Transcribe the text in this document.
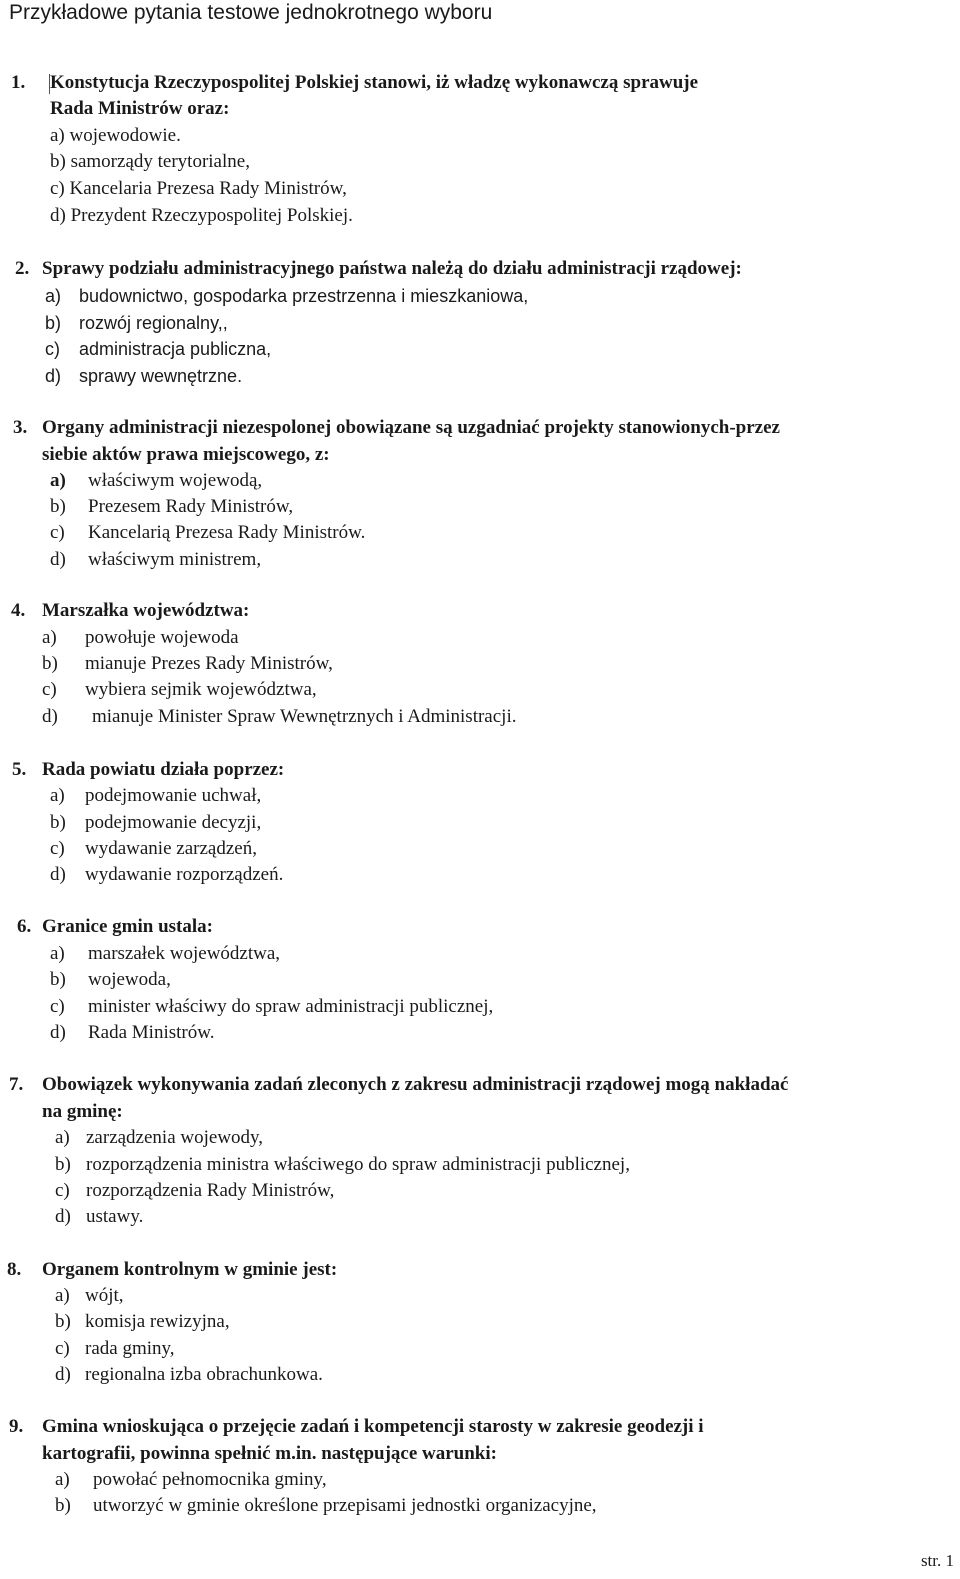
Przykładowe pytania testowe jednokrotnego wyboru
1. Konstytucja Rzeczypospolitej Polskiej stanowi, iż władzę wykonawczą sprawuje
Rada Ministrów oraz:
a) wojewodowie.
b) samorządy terytorialne,
c) Kancelaria Prezesa Rady Ministrów,
d) Prezydent Rzeczypospolitej Polskiej.
2. Sprawy podziału administracyjnego państwa należą do działu administracji rządowej:
a) budownictwo, gospodarka przestrzenna i mieszkaniowa,
b) rozwój regionalny,,
c) administracja publiczna,
d) sprawy wewnętrzne.
3. Organy administracji niezespolonej obowiązane są uzgadniać projekty stanowionych-przez
siebie aktów prawa miejscowego, z:
a) właściwym wojewodą,
b) Prezesem Rady Ministrów,
c) Kancelarią Prezesa Rady Ministrów.
d) właściwym ministrem,
4. Marszałka województwa:
a) powołuje wojewoda
b) mianuje Prezes Rady Ministrów,
c) wybiera sejmik województwa,
d) mianuje Minister Spraw Wewnętrznych i Administracji.
5. Rada powiatu działa poprzez:
a) podejmowanie uchwał,
b) podejmowanie decyzji,
c) wydawanie zarządzeń,
d) wydawanie rozporządzeń.
6. Granice gmin ustala:
a) marszałek województwa,
b) wojewoda,
c) minister właściwy do spraw administracji publicznej,
d) Rada Ministrów.
7. Obowiązek wykonywania zadań zleconych z zakresu administracji rządowej mogą nakładać
na gminę:
a) zarządzenia wojewody,
b) rozporządzenia ministra właściwego do spraw administracji publicznej,
c) rozporządzenia Rady Ministrów,
d) ustawy.
8. Organem kontrolnym w gminie jest:
a) wójt,
b) komisja rewizyjna,
c) rada gminy,
d) regionalna izba obrachunkowa.
9. Gmina wnioskująca o przejęcie zadań i kompetencji starosty w zakresie geodezji i
kartografii, powinna spełnić m.in. następujące warunki:
a) powołać pełnomocnika gminy,
b) utworzyć w gminie określone przepisami jednostki organizacyjne,
str. 1
